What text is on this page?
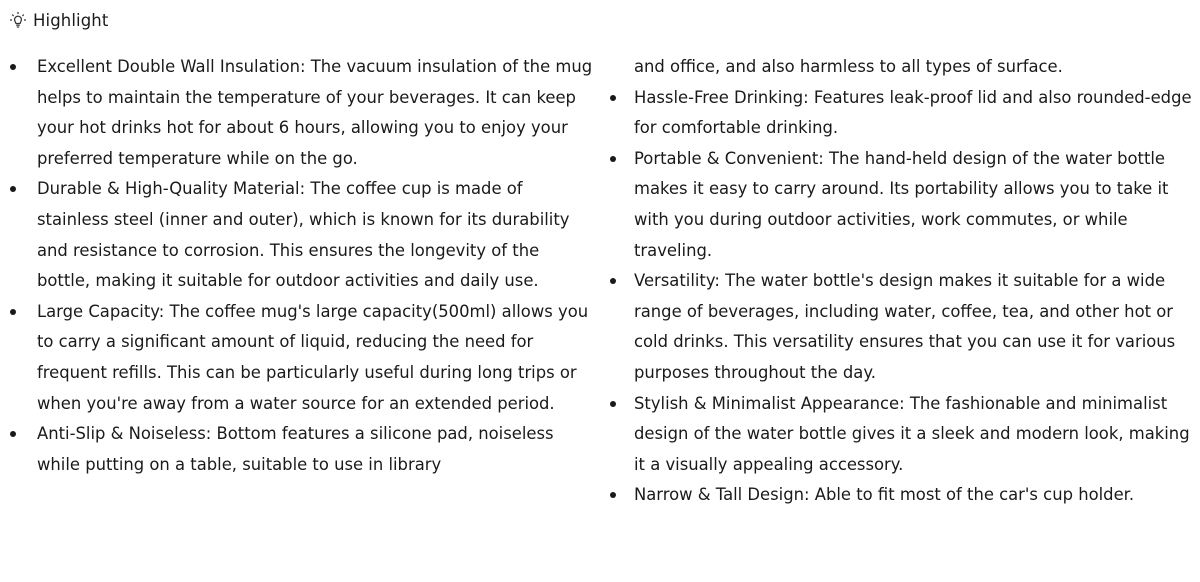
Highlight
Excellent Double Wall Insulation: The vacuum insulation of the mug helps to maintain the temperature of your beverages. It can keep your hot drinks hot for about 6 hours, allowing you to enjoy your preferred temperature while on the go.
Durable & High-Quality Material: The coffee cup is made of stainless steel (inner and outer), which is known for its durability and resistance to corrosion. This ensures the longevity of the bottle, making it suitable for outdoor activities and daily use.
Large Capacity: The coffee mug's large capacity(500ml) allows you to carry a significant amount of liquid, reducing the need for frequent refills. This can be particularly useful during long trips or when you're away from a water source for an extended period.
Anti-Slip & Noiseless: Bottom features a silicone pad, noiseless while putting on a table, suitable to use in library
and office, and also harmless to all types of surface.
Hassle-Free Drinking: Features leak-proof lid and also rounded-edge for comfortable drinking.
Portable & Convenient: The hand-held design of the water bottle makes it easy to carry around. Its portability allows you to take it with you during outdoor activities, work commutes, or while traveling.
Versatility: The water bottle's design makes it suitable for a wide range of beverages, including water, coffee, tea, and other hot or cold drinks. This versatility ensures that you can use it for various purposes throughout the day.
Stylish & Minimalist Appearance: The fashionable and minimalist design of the water bottle gives it a sleek and modern look, making it a visually appealing accessory.
Narrow & Tall Design: Able to fit most of the car's cup holder.
